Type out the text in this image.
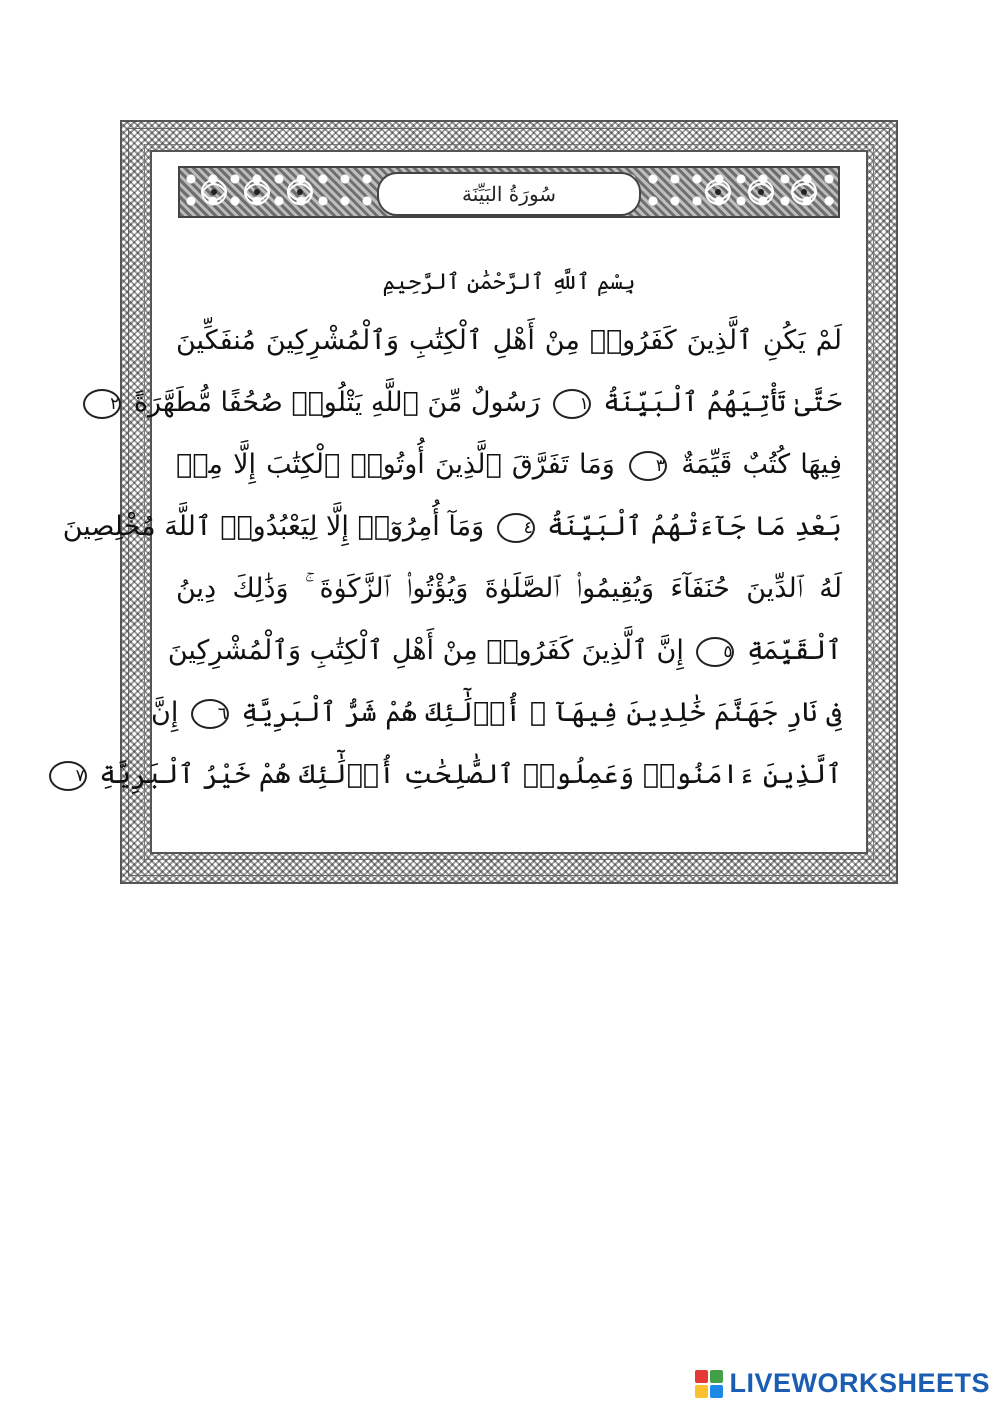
سُورَةُ البَيِّنَة
بِسْمِ ٱللَّهِ ٱلرَّحْمَٰنِ ٱلرَّحِيمِ
لَمْ يَكُنِ ٱلَّذِينَ كَفَرُوا۟ مِنْ أَهْلِ ٱلْكِتَٰبِ وَٱلْمُشْرِكِينَ مُنفَكِّينَ
حَتَّىٰ تَأْتِيَهُمُ ٱلْبَيِّنَةُ ١ رَسُولٌ مِّنَ ٱللَّهِ يَتْلُوا۟ صُحُفًا مُّطَهَّرَةً ٢
فِيهَا كُتُبٌ قَيِّمَةٌ ٣ وَمَا تَفَرَّقَ ٱلَّذِينَ أُوتُوا۟ ٱلْكِتَٰبَ إِلَّا مِنۢ
بَعْدِ مَا جَآءَتْهُمُ ٱلْبَيِّنَةُ ٤ وَمَآ أُمِرُوٓا۟ إِلَّا لِيَعْبُدُوا۟ ٱللَّهَ مُخْلِصِينَ
لَهُ ٱلدِّينَ حُنَفَآءَ وَيُقِيمُوا۟ ٱلصَّلَوٰةَ وَيُؤْتُوا۟ ٱلزَّكَوٰةَ ۚ وَذَٰلِكَ دِينُ
ٱلْقَيِّمَةِ ٥ إِنَّ ٱلَّذِينَ كَفَرُوا۟ مِنْ أَهْلِ ٱلْكِتَٰبِ وَٱلْمُشْرِكِينَ
فِى نَارِ جَهَنَّمَ خَٰلِدِينَ فِيهَآ ۚ أُو۟لَٰٓئِكَ هُمْ شَرُّ ٱلْبَرِيَّةِ ٦ إِنَّ
ٱلَّذِينَ ءَامَنُوا۟ وَعَمِلُوا۟ ٱلصَّٰلِحَٰتِ أُو۟لَٰٓئِكَ هُمْ خَيْرُ ٱلْبَرِيَّةِ ٧
LIVEWORKSHEETS
